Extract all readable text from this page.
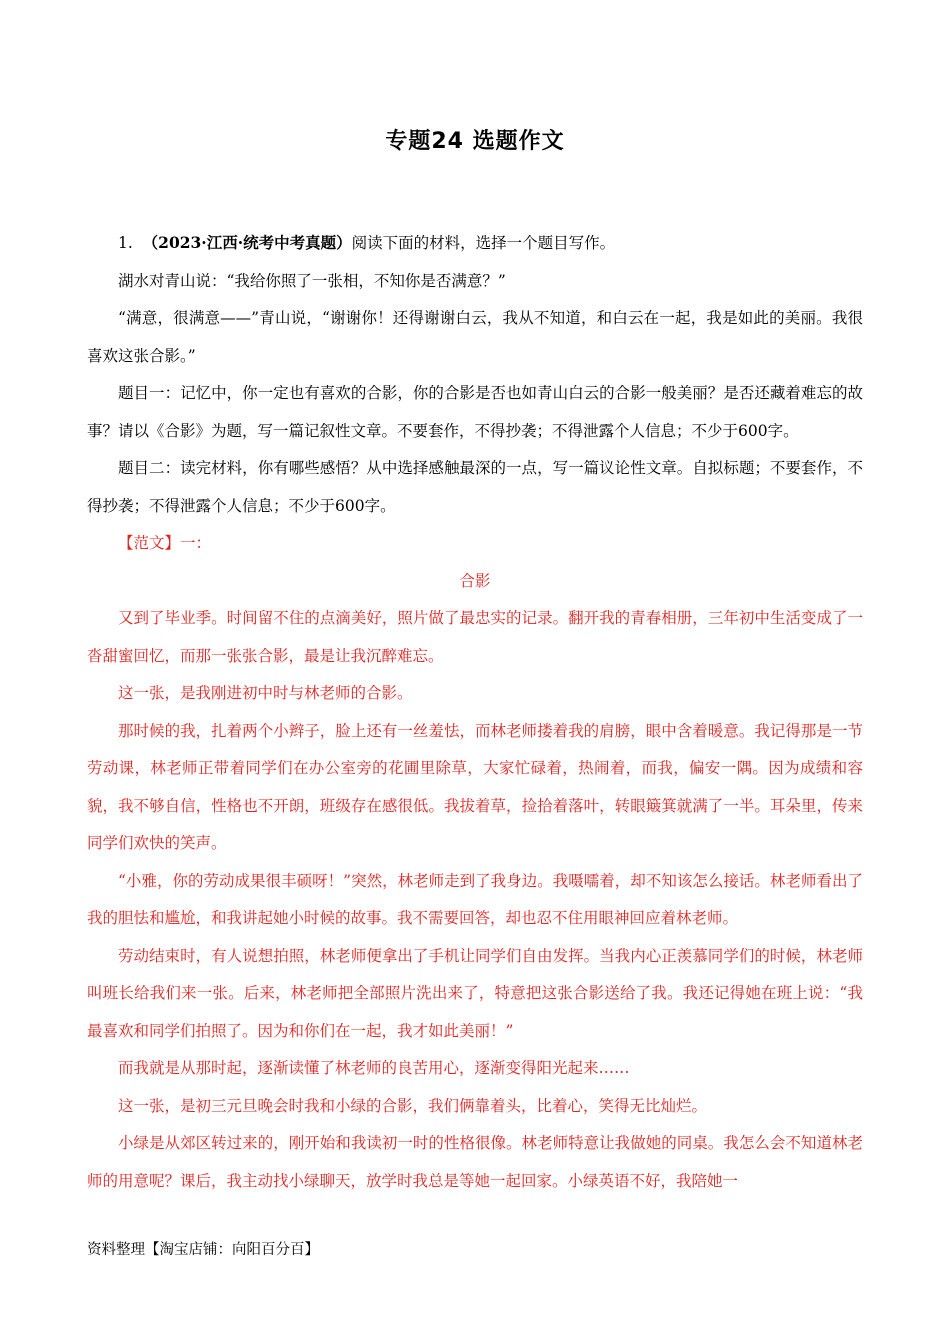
专题24 选题作文

1. （2023·江西·统考中考真题）阅读下面的材料，选择一个题目写作。

湖水对青山说：“我给你照了一张相，不知你是否满意？”

“满意，很满意——”青山说，“谢谢你！还得谢谢白云，我从不知道，和白云在一起，我是如此的美丽。我很喜欢这张合影。”

题目一：记忆中，你一定也有喜欢的合影，你的合影是否也如青山白云的合影一般美丽？是否还藏着难忘的故事？请以《合影》为题，写一篇记叙性文章。不要套作，不得抄袭；不得泄露个人信息；不少于600字。

题目二：读完材料，你有哪些感悟？从中选择感触最深的一点，写一篇议论性文章。自拟标题；不要套作，不得抄袭；不得泄露个人信息；不少于600字。

【范文】一：

合影

又到了毕业季。时间留不住的点滴美好，照片做了最忠实的记录。翻开我的青春相册，三年初中生活变成了一沓甜蜜回忆，而那一张张合影，最是让我沉醉难忘。

这一张，是我刚进初中时与林老师的合影。

那时候的我，扎着两个小辫子，脸上还有一丝羞怯，而林老师搂着我的肩膀，眼中含着暖意。我记得那是一节劳动课，林老师正带着同学们在办公室旁的花圃里除草，大家忙碌着，热闹着，而我，偏安一隅。因为成绩和容貌，我不够自信，性格也不开朗，班级存在感很低。我拔着草，捡拾着落叶，转眼簸箕就满了一半。耳朵里，传来同学们欢快的笑声。

“小雅，你的劳动成果很丰硕呀！”突然，林老师走到了我身边。我嗫嚅着，却不知该怎么接话。林老师看出了我的胆怯和尴尬，和我讲起她小时候的故事。我不需要回答，却也忍不住用眼神回应着林老师。

劳动结束时，有人说想拍照，林老师便拿出了手机让同学们自由发挥。当我内心正羡慕同学们的时候，林老师叫班长给我们来一张。后来，林老师把全部照片洗出来了，特意把这张合影送给了我。我还记得她在班上说：“我最喜欢和同学们拍照了。因为和你们在一起，我才如此美丽！”

而我就是从那时起，逐渐读懂了林老师的良苦用心，逐渐变得阳光起来……

这一张，是初三元旦晚会时我和小绿的合影，我们俩靠着头，比着心，笑得无比灿烂。

小绿是从郊区转过来的，刚开始和我读初一时的性格很像。林老师特意让我做她的同桌。我怎么会不知道林老师的用意呢？课后，我主动找小绿聊天，放学时我总是等她一起回家。小绿英语不好，我陪她一

资料整理【淘宝店铺：向阳百分百】
